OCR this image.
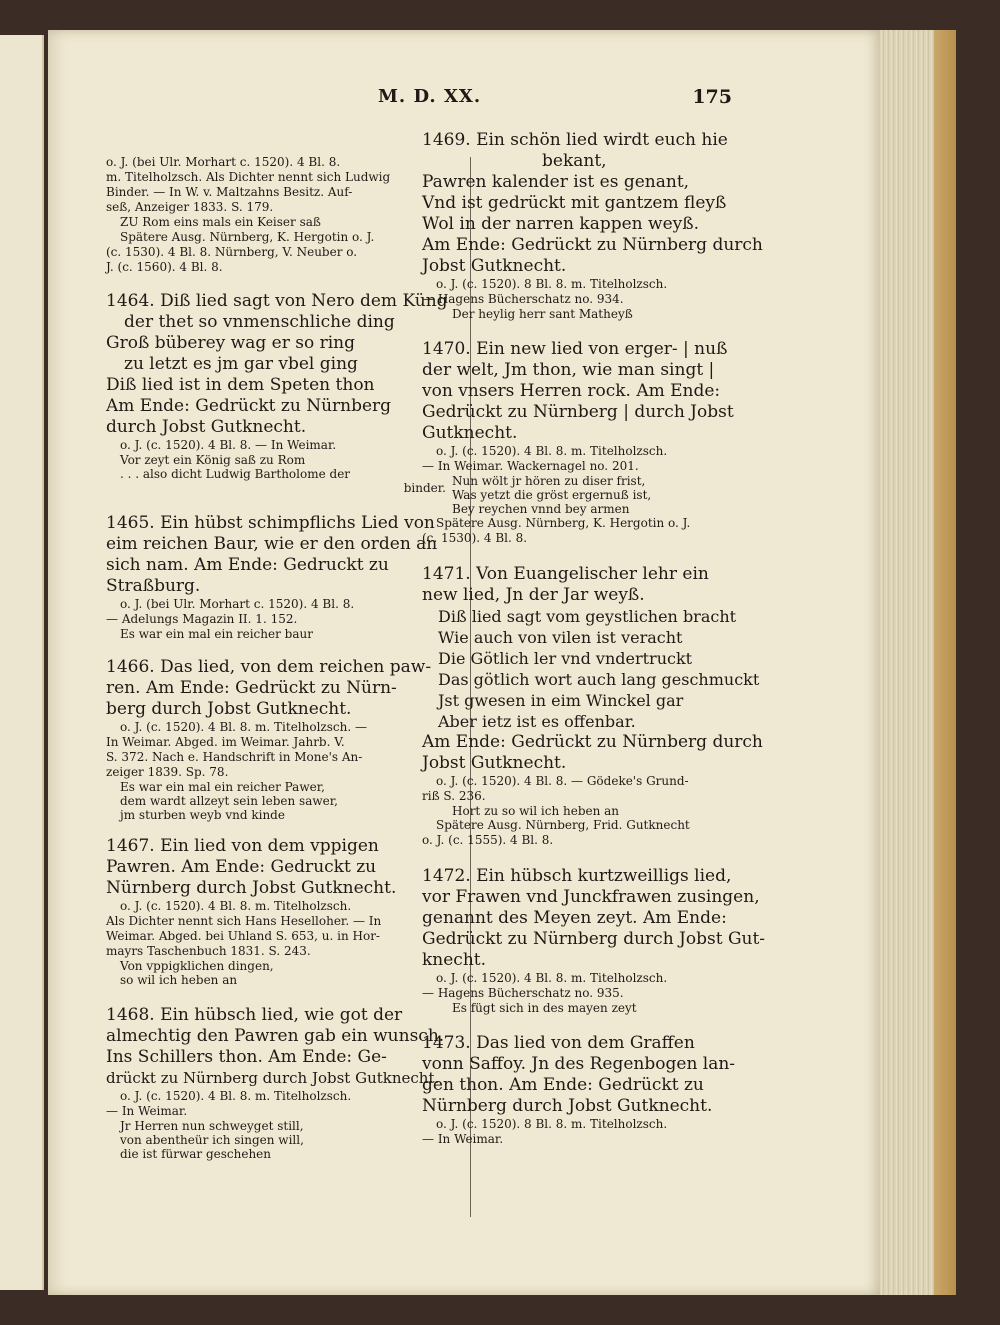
M. D. XX.	175
o. J. (bei Ulr. Morhart c. 1520). 4 Bl. 8.
m. Titelholzsch. Als Dichter nennt sich Ludwig
Binder. — In W. v. Maltzahns Besitz. Auf-
seß, Anzeiger 1833. S. 179.
ZU Rom eins mals ein Keiser saß
Spätere Ausg. Nürnberg, K. Hergotin o. J.
(c. 1530). 4 Bl. 8. Nürnberg, V. Neuber o.
J. (c. 1560). 4 Bl. 8.
1464. Diß lied sagt von Nero dem Küng
der thet so vnmenschliche ding
Groß büberey wag er so ring
zu letzt es jm gar vbel ging
Diß lied ist in dem Speten thon
Am Ende: Gedrückt zu Nürnberg
durch Jobst Gutknecht.
o. J. (c. 1520). 4 Bl. 8. — In Weimar.
Vor zeyt ein König saß zu Rom
. . . also dicht Ludwig Bartholome der
binder.
1465. Ein hübst schimpflichs Lied von
eim reichen Baur, wie er den orden an
sich nam. Am Ende: Gedruckt zu
Straßburg.
o. J. (bei Ulr. Morhart c. 1520). 4 Bl. 8.
— Adelungs Magazin II. 1. 152.
Es war ein mal ein reicher baur
1466. Das lied, von dem reichen paw-
ren. Am Ende: Gedrückt zu Nürn-
berg durch Jobst Gutknecht.
o. J. (c. 1520). 4 Bl. 8. m. Titelholzsch. —
In Weimar. Abged. im Weimar. Jahrb. V.
S. 372. Nach e. Handschrift in Mone's An-
zeiger 1839. Sp. 78.
Es war ein mal ein reicher Pawer,
dem wardt allzeyt sein leben sawer,
jm sturben weyb vnd kinde
1467. Ein lied von dem vppigen
Pawren. Am Ende: Gedruckt zu
Nürnberg durch Jobst Gutknecht.
o. J. (c. 1520). 4 Bl. 8. m. Titelholzsch.
Als Dichter nennt sich Hans Heselloher. — In
Weimar. Abged. bei Uhland S. 653, u. in Hor-
mayrs Taschenbuch 1831. S. 243.
Von vppigklichen dingen,
so wil ich heben an
1468. Ein hübsch lied, wie got der
almechtig den Pawren gab ein wunsch.
Ins Schillers thon. Am Ende: Ge-
drückt zu Nürnberg durch Jobst Gutknecht.
o. J. (c. 1520). 4 Bl. 8. m. Titelholzsch.
— In Weimar.
Jr Herren nun schweyget still,
von abentheür ich singen will,
die ist fürwar geschehen
1469. Ein schön lied wirdt euch hie
bekant,
Pawren kalender ist es genant,
Vnd ist gedrückt mit gantzem fleyß
Wol in der narren kappen weyß.
Am Ende: Gedrückt zu Nürnberg durch
Jobst Gutknecht.
o. J. (c. 1520). 8 Bl. 8. m. Titelholzsch.
— Hagens Bücherschatz no. 934.
Der heylig herr sant Matheyß
1470. Ein new lied von erger- | nuß
der welt, Jm thon, wie man singt |
von vnsers Herren rock. Am Ende:
Gedrückt zu Nürnberg | durch Jobst
Gutknecht.
o. J. (c. 1520). 4 Bl. 8. m. Titelholzsch.
— In Weimar. Wackernagel no. 201.
Nun wölt jr hören zu diser frist,
Was yetzt die gröst ergernuß ist,
Bey reychen vnnd bey armen
Spätere Ausg. Nürnberg, K. Hergotin o. J.
(c. 1530). 4 Bl. 8.
1471. Von Euangelischer lehr ein
new lied, Jn der Jar weyß.
Diß lied sagt vom geystlichen bracht
Wie auch von vilen ist veracht
Die Götlich ler vnd vndertruckt
Das götlich wort auch lang geschmuckt
Jst gwesen in eim Winckel gar
Aber ietz ist es offenbar.
Am Ende: Gedrückt zu Nürnberg durch
Jobst Gutknecht.
o. J. (c. 1520). 4 Bl. 8. — Gödeke's Grund-
riß S. 236.
Hort zu so wil ich heben an
Spätere Ausg. Nürnberg, Frid. Gutknecht
o. J. (c. 1555). 4 Bl. 8.
1472. Ein hübsch kurtzweilligs lied,
vor Frawen vnd Junckfrawen zusingen,
genannt des Meyen zeyt. Am Ende:
Gedrückt zu Nürnberg durch Jobst Gut-
knecht.
o. J. (c. 1520). 4 Bl. 8. m. Titelholzsch.
— Hagens Bücherschatz no. 935.
Es fügt sich in des mayen zeyt
1473. Das lied von dem Graffen
vonn Saffoy. Jn des Regenbogen lan-
gen thon. Am Ende: Gedrückt zu
Nürnberg durch Jobst Gutknecht.
o. J. (c. 1520). 8 Bl. 8. m. Titelholzsch.
— In Weimar.
